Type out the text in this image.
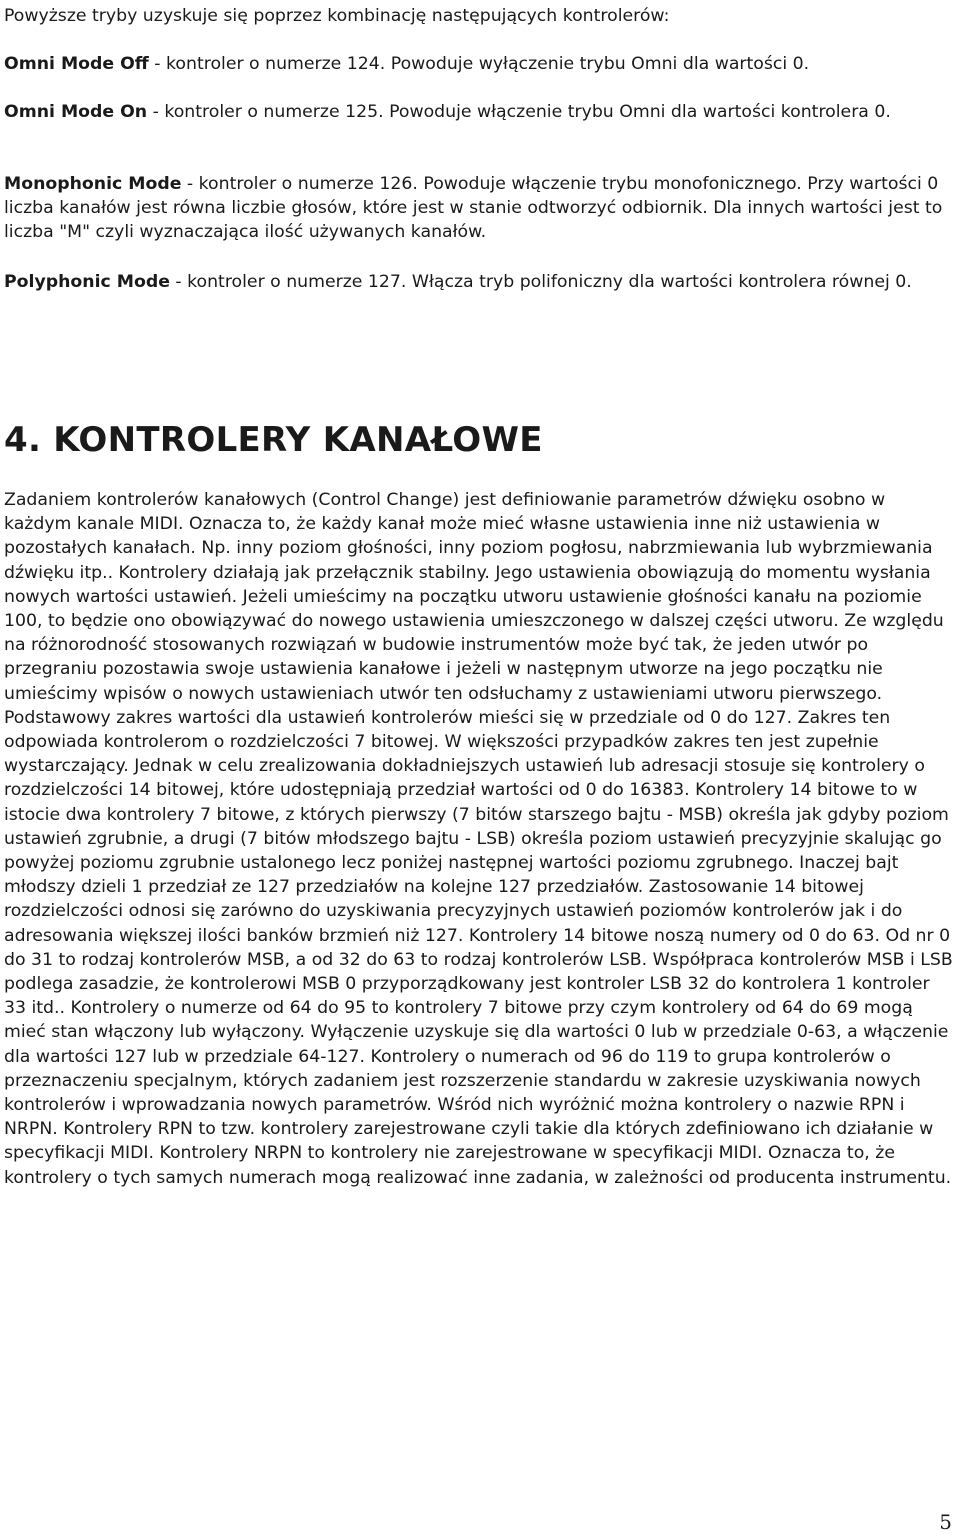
Powyższe tryby uzyskuje się poprzez kombinację następujących kontrolerów:

Omni Mode Off - kontroler o numerze 124. Powoduje wyłączenie trybu Omni dla wartości 0.

Omni Mode On - kontroler o numerze 125. Powoduje włączenie trybu Omni dla wartości kontrolera 0.

Monophonic Mode - kontroler o numerze 126. Powoduje włączenie trybu monofonicznego. Przy wartości 0 liczba kanałów jest równa liczbie głosów, które jest w stanie odtworzyć odbiornik. Dla innych wartości jest to liczba "M" czyli wyznaczająca ilość używanych kanałów.

Polyphonic Mode - kontroler o numerze 127. Włącza tryb polifoniczny dla wartości kontrolera równej 0.

4. KONTROLERY KANAŁOWE

Zadaniem kontrolerów kanałowych (Control Change) jest definiowanie parametrów dźwięku osobno w każdym kanale MIDI. Oznacza to, że każdy kanał może mieć własne ustawienia inne niż ustawienia w pozostałych kanałach. Np. inny poziom głośności, inny poziom pogłosu, nabrzmiewania lub wybrzmiewania dźwięku itp.. Kontrolery działają jak przełącznik stabilny. Jego ustawienia obowiązują do momentu wysłania nowych wartości ustawień. Jeżeli umieścimy na początku utworu ustawienie głośności kanału na poziomie 100, to będzie ono obowiązywać do nowego ustawienia umieszczonego w dalszej części utworu. Ze względu na różnorodność stosowanych rozwiązań w budowie instrumentów może być tak, że jeden utwór po przegraniu pozostawia swoje ustawienia kanałowe i jeżeli w następnym utworze na jego początku nie umieścimy wpisów o nowych ustawieniach utwór ten odsłuchamy z ustawieniami utworu pierwszego. Podstawowy zakres wartości dla ustawień kontrolerów mieści się w przedziale od 0 do 127. Zakres ten odpowiada kontrolerom o rozdzielczości 7 bitowej. W większości przypadków zakres ten jest zupełnie wystarczający. Jednak w celu zrealizowania dokładniejszych ustawień lub adresacji stosuje się kontrolery o rozdzielczości 14 bitowej, które udostępniają przedział wartości od 0 do 16383. Kontrolery 14 bitowe to w istocie dwa kontrolery 7 bitowe, z których pierwszy (7 bitów starszego bajtu - MSB) określa jak gdyby poziom ustawień zgrubnie, a drugi (7 bitów młodszego bajtu - LSB) określa poziom ustawień precyzyjnie skalując go powyżej poziomu zgrubnie ustalonego lecz poniżej następnej wartości poziomu zgrubnego. Inaczej bajt młodszy dzieli 1 przedział ze 127 przedziałów na kolejne 127 przedziałów. Zastosowanie 14 bitowej rozdzielczości odnosi się zarówno do uzyskiwania precyzyjnych ustawień poziomów kontrolerów jak i do adresowania większej ilości banków brzmień niż 127. Kontrolery 14 bitowe noszą numery od 0 do 63. Od nr 0 do 31 to rodzaj kontrolerów MSB, a od 32 do 63 to rodzaj kontrolerów LSB. Współpraca kontrolerów MSB i LSB podlega zasadzie, że kontrolerowi MSB 0 przyporządkowany jest kontroler LSB 32 do kontrolera 1 kontroler 33 itd.. Kontrolery o numerze od 64 do 95 to kontrolery 7 bitowe przy czym kontrolery od 64 do 69 mogą mieć stan włączony lub wyłączony. Wyłączenie uzyskuje się dla wartości 0 lub w przedziale 0-63, a włączenie dla wartości 127 lub w przedziale 64-127. Kontrolery o numerach od 96 do 119 to grupa kontrolerów o przeznaczeniu specjalnym, których zadaniem jest rozszerzenie standardu w zakresie uzyskiwania nowych kontrolerów i wprowadzania nowych parametrów. Wśród nich wyróżnić można kontrolery o nazwie RPN i NRPN. Kontrolery RPN to tzw. kontrolery zarejestrowane czyli takie dla których zdefiniowano ich działanie w specyfikacji MIDI. Kontrolery NRPN to kontrolery nie zarejestrowane w specyfikacji MIDI. Oznacza to, że kontrolery o tych samych numerach mogą realizować inne zadania, w zależności od producenta instrumentu.

5
